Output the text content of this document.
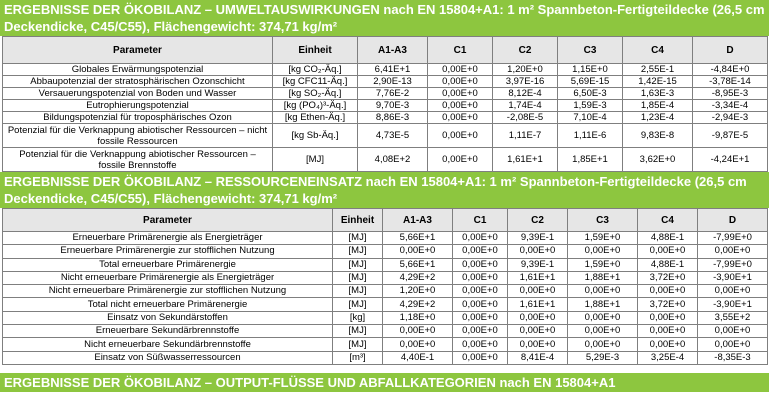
ERGEBNISSE DER ÖKOBILANZ – UMWELTAUSWIRKUNGEN nach EN 15804+A1: 1 m² Spannbeton-Fertigteildecke (26,5 cm Deckendicke, C45/C55), Flächengewicht: 374,71 kg/m²
Parameter	Einheit	A1-A3	C1	C2	C3	C4	D
Globales Erwärmungspotenzial	[kg CO₂-Äq.]	6,41E+1	0,00E+0	1,20E+0	1,15E+0	2,55E-1	-4,84E+0
Abbaupotenzial der stratosphärischen Ozonschicht	[kg CFC11-Äq.]	2,90E-13	0,00E+0	3,97E-16	5,69E-15	1,42E-15	-3,78E-14
Versauerungspotenzial von Boden und Wasser	[kg SO₂-Äq.]	7,76E-2	0,00E+0	8,12E-4	6,50E-3	1,63E-3	-8,95E-3
Eutrophierungspotenzial	[kg (PO₄)³-Äq.]	9,70E-3	0,00E+0	1,74E-4	1,59E-3	1,85E-4	-3,34E-4
Bildungspotenzial für troposphärisches Ozon	[kg Ethen-Äq.]	8,86E-3	0,00E+0	-2,08E-5	7,10E-4	1,23E-4	-2,94E-3
Potenzial für die Verknappung abiotischer Ressourcen – nicht fossile Ressourcen	[kg Sb-Äq.]	4,73E-5	0,00E+0	1,11E-7	1,11E-6	9,83E-8	-9,87E-5
Potenzial für die Verknappung abiotischer Ressourcen – fossile Brennstoffe	[MJ]	4,08E+2	0,00E+0	1,61E+1	1,85E+1	3,62E+0	-4,24E+1
ERGEBNISSE DER ÖKOBILANZ – RESSOURCENEINSATZ nach EN 15804+A1: 1 m² Spannbeton-Fertigteildecke (26,5 cm Deckendicke, C45/C55), Flächengewicht: 374,71 kg/m²
Parameter	Einheit	A1-A3	C1	C2	C3	C4	D
Erneuerbare Primärenergie als Energieträger	[MJ]	5,66E+1	0,00E+0	9,39E-1	1,59E+0	4,88E-1	-7,99E+0
Erneuerbare Primärenergie zur stofflichen Nutzung	[MJ]	0,00E+0	0,00E+0	0,00E+0	0,00E+0	0,00E+0	0,00E+0
Total erneuerbare Primärenergie	[MJ]	5,66E+1	0,00E+0	9,39E-1	1,59E+0	4,88E-1	-7,99E+0
Nicht erneuerbare Primärenergie als Energieträger	[MJ]	4,29E+2	0,00E+0	1,61E+1	1,88E+1	3,72E+0	-3,90E+1
Nicht erneuerbare Primärenergie zur stofflichen Nutzung	[MJ]	1,20E+0	0,00E+0	0,00E+0	0,00E+0	0,00E+0	0,00E+0
Total nicht erneuerbare Primärenergie	[MJ]	4,29E+2	0,00E+0	1,61E+1	1,88E+1	3,72E+0	-3,90E+1
Einsatz von Sekundärstoffen	[kg]	1,18E+0	0,00E+0	0,00E+0	0,00E+0	0,00E+0	3,55E+2
Erneuerbare Sekundärbrennstoffe	[MJ]	0,00E+0	0,00E+0	0,00E+0	0,00E+0	0,00E+0	0,00E+0
Nicht erneuerbare Sekundärbrennstoffe	[MJ]	0,00E+0	0,00E+0	0,00E+0	0,00E+0	0,00E+0	0,00E+0
Einsatz von Süßwasserressourcen	[m³]	4,40E-1	0,00E+0	8,41E-4	5,29E-3	3,25E-4	-8,35E-3
ERGEBNISSE DER ÖKOBILANZ – OUTPUT-FLÜSSE UND ABFALLKATEGORIEN nach EN 15804+A1
